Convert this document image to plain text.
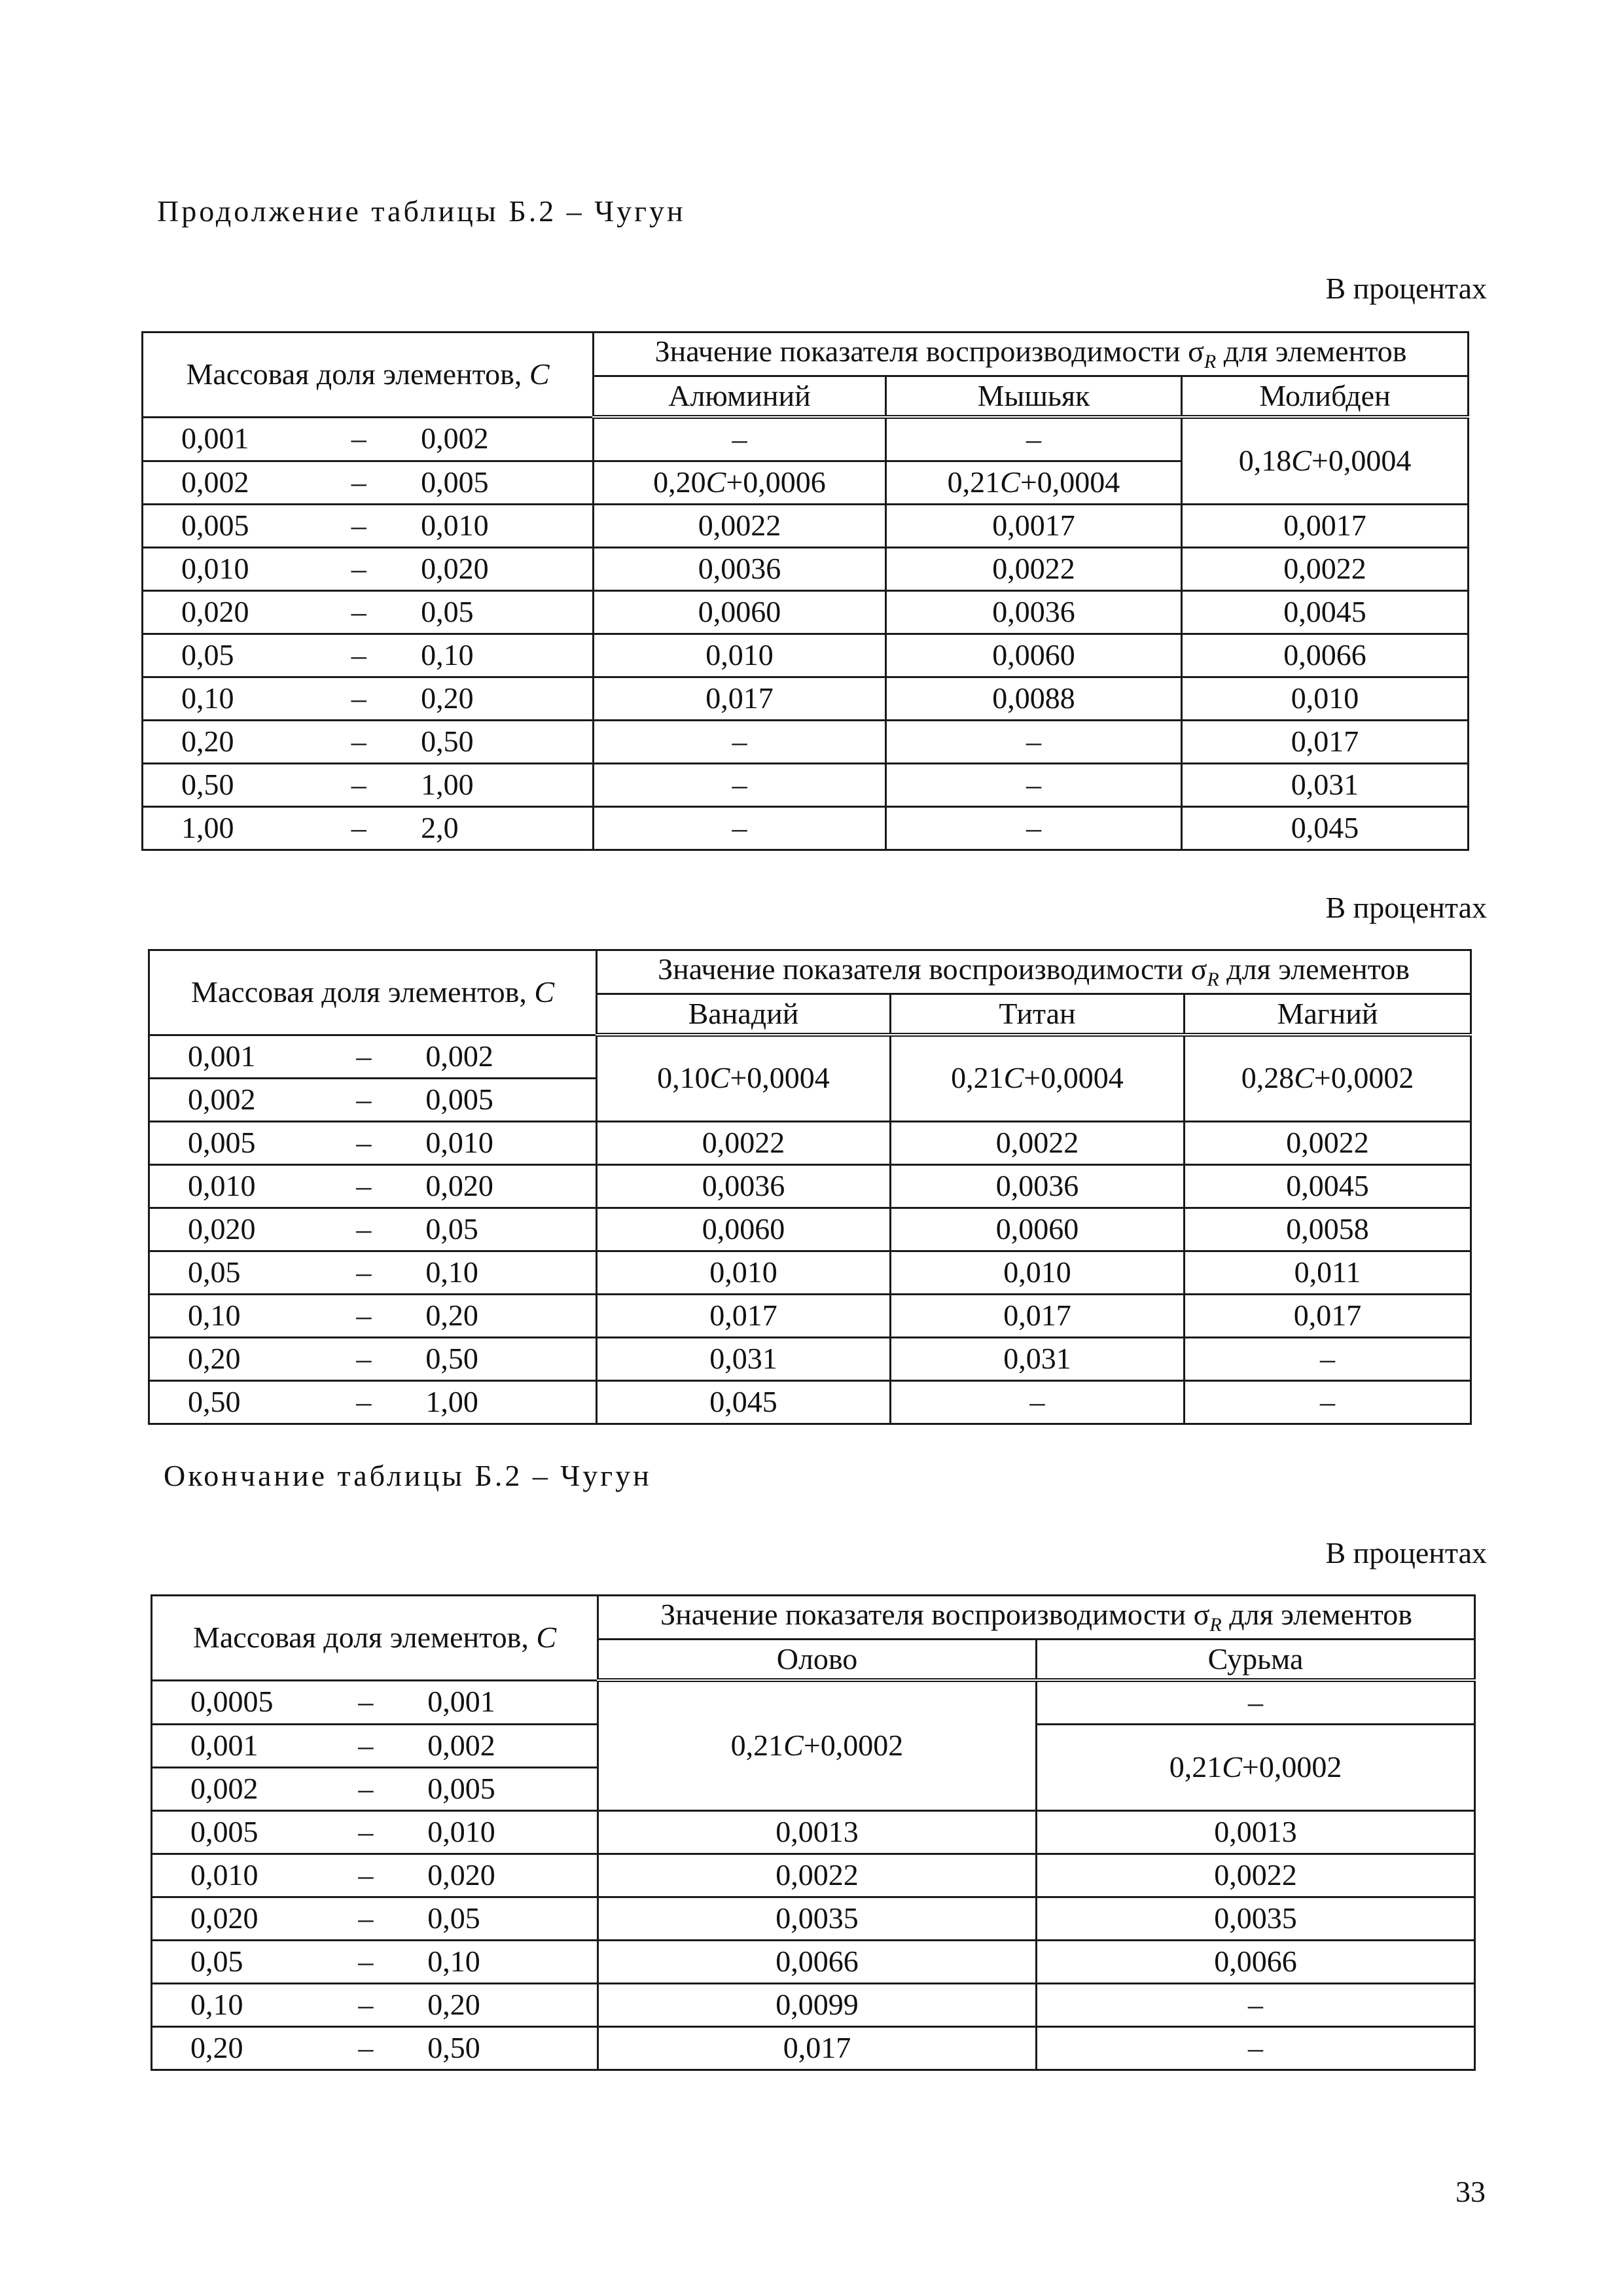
Продолжение таблицы Б.2 – Чугун
В процентах
Массовая доля элементов, C	Значение показателя воспроизводимости $\sigma_R$ для элементов		
	Алюминий	Мышьяк	Молибден

0,001 – 0,002	–	–	0,18C+0,0004

0,002 – 0,005	0,20C+0,0006	0,21C+0,0004	

0,005 – 0,010	0,0022	0,0017	0,0017

0,010 – 0,020	0,0036	0,0022	0,0022

0,020 – 0,05	0,0060	0,0036	0,0045

0,05 – 0,10	0,010	0,0060	0,0066

0,10 – 0,20	0,017	0,0088	0,010

0,20 – 0,50	–	–	0,017

0,50 – 1,00	–	–	0,031

1,00 – 2,0	–	–	0,045
В процентах
Массовая доля элементов, C	Значение показателя воспроизводимости $\sigma_R$ для элементов		
	Ванадий	Титан	Магний

0,001 – 0,002	0,10C+0,0004	0,21C+0,0004	0,28C+0,0002

0,002 – 0,005			

0,005 – 0,010	0,0022	0,0022	0,0022

0,010 – 0,020	0,0036	0,0036	0,0045

0,020 – 0,05	0,0060	0,0060	0,0058

0,05 – 0,10	0,010	0,010	0,011

0,10 – 0,20	0,017	0,017	0,017

0,20 – 0,50	0,031	0,031	–

0,50 – 1,00	0,045	–	–
Окончание таблицы Б.2 – Чугун
В процентах
Массовая доля элементов, C	Значение показателя воспроизводимости $\sigma_R$ для элементов	
	Олово	Сурьма

0,0005 – 0,001	0,21C+0,0002	–

0,001 – 0,002		0,21C+0,0002

0,002 – 0,005		

0,005 – 0,010	0,0013	0,0013

0,010 – 0,020	0,0022	0,0022

0,020 – 0,05	0,0035	0,0035

0,05 – 0,10	0,0066	0,0066

0,10 – 0,20	0,0099	–

0,20 – 0,50	0,017	–
33
